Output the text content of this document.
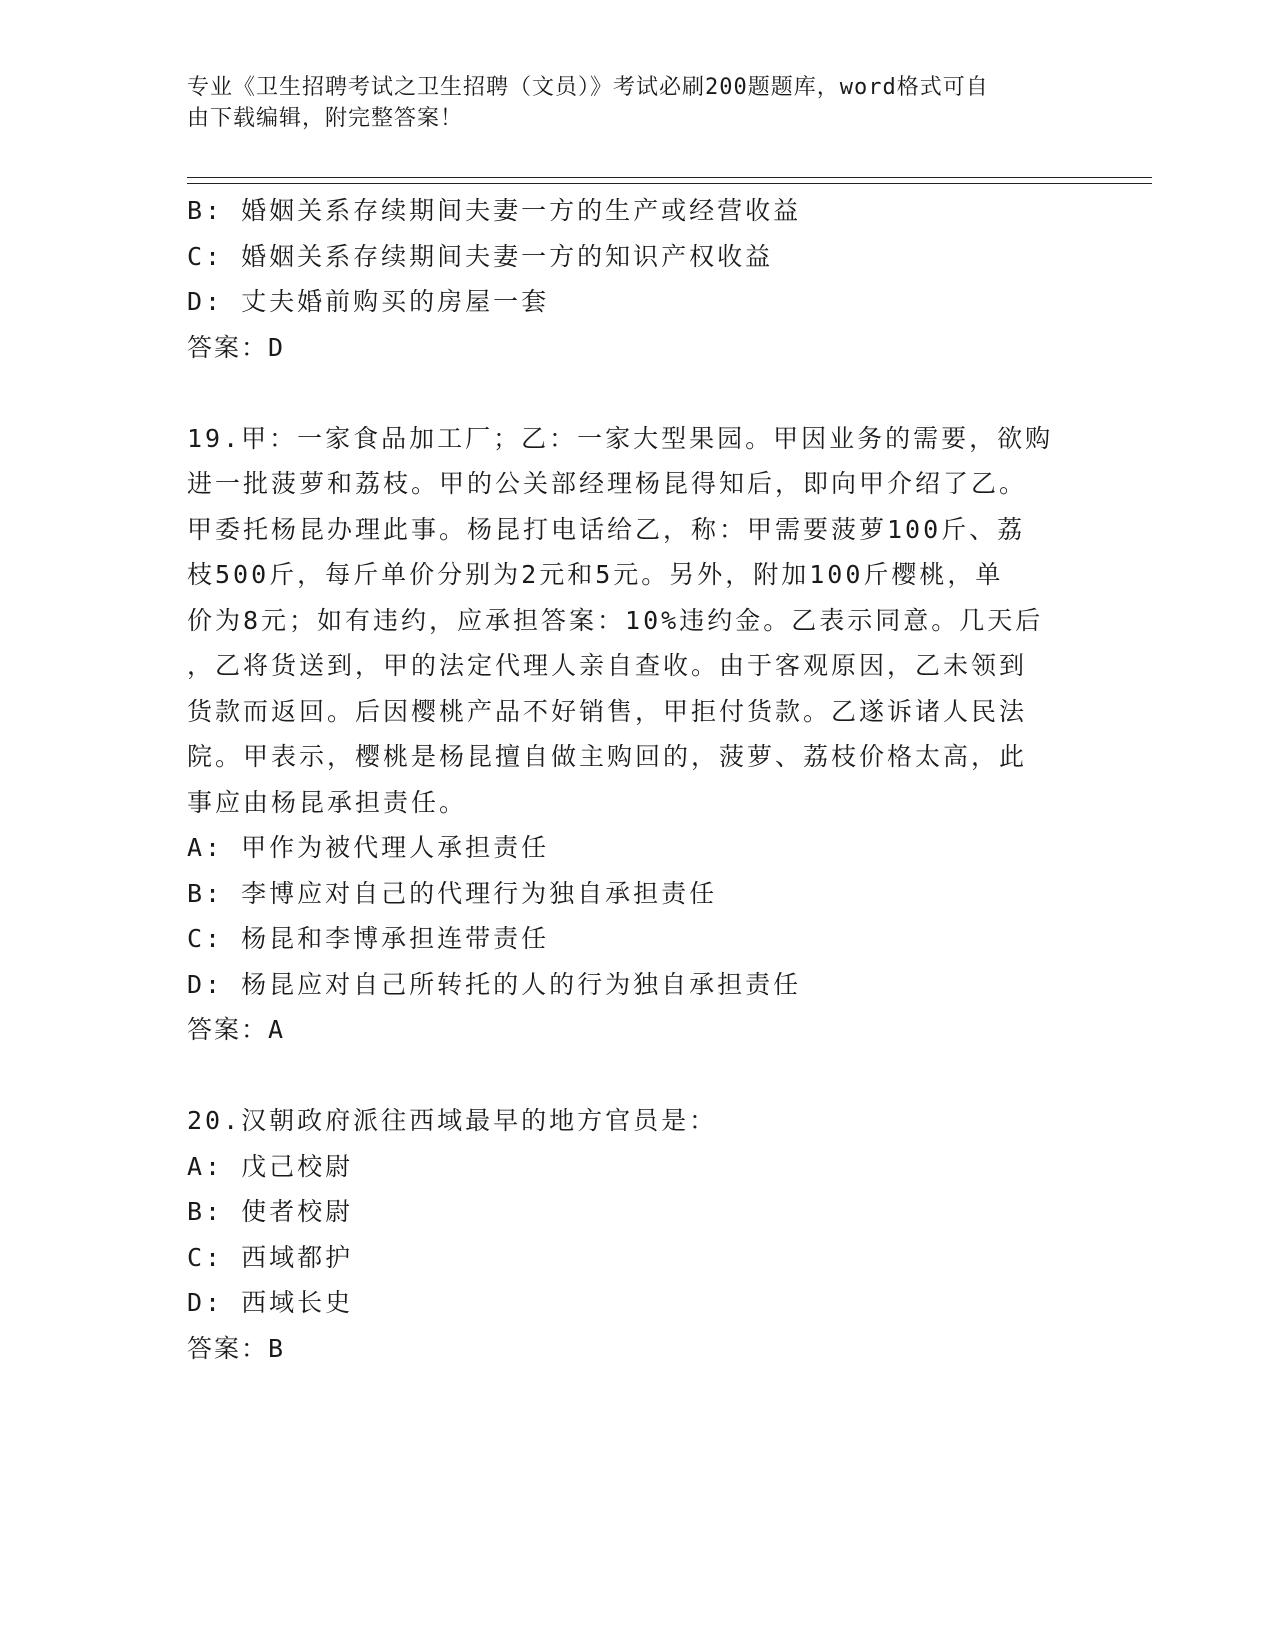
专业《卫生招聘考试之卫生招聘（文员）》考试必刷200题题库，word格式可自
由下载编辑，附完整答案！

B: 婚姻关系存续期间夫妻一方的生产或经营收益

C: 婚姻关系存续期间夫妻一方的知识产权收益

D: 丈夫婚前购买的房屋一套

答案：D

19.甲：一家食品加工厂；乙：一家大型果园。甲因业务的需要，欲购

进一批菠萝和荔枝。甲的公关部经理杨昆得知后，即向甲介绍了乙。

甲委托杨昆办理此事。杨昆打电话给乙，称：甲需要菠萝100斤、荔

枝500斤，每斤单价分别为2元和5元。另外，附加100斤樱桃，单

价为8元；如有违约，应承担答案：10%违约金。乙表示同意。几天后

，乙将货送到，甲的法定代理人亲自查收。由于客观原因，乙未领到

货款而返回。后因樱桃产品不好销售，甲拒付货款。乙遂诉诸人民法

院。甲表示，樱桃是杨昆擅自做主购回的，菠萝、荔枝价格太高，此

事应由杨昆承担责任。

A: 甲作为被代理人承担责任

B: 李博应对自己的代理行为独自承担责任

C: 杨昆和李博承担连带责任

D: 杨昆应对自己所转托的人的行为独自承担责任

答案：A

20.汉朝政府派往西域最早的地方官员是：

A: 戊己校尉

B: 使者校尉

C: 西域都护

D: 西域长史

答案：B
